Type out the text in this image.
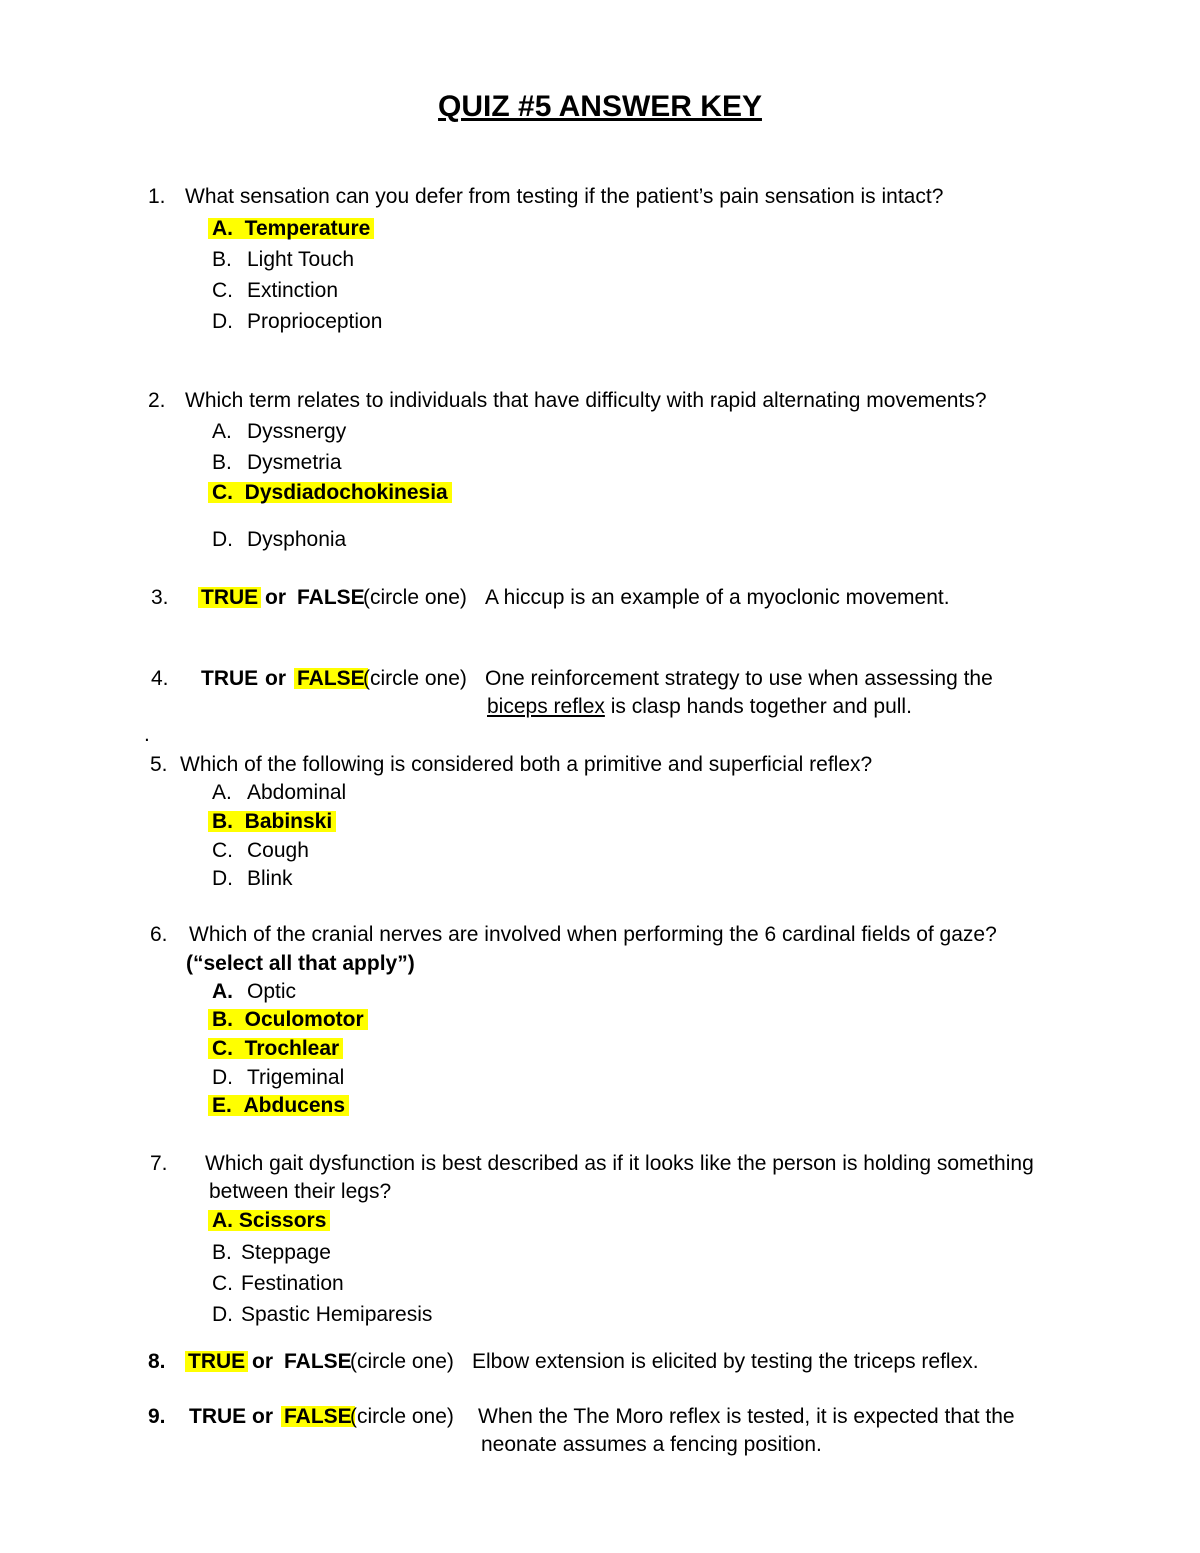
QUIZ #5 ANSWER KEY
1. What sensation can you defer from testing if the patient’s pain sensation is intact?
A. Temperature
B. Light Touch
C. Extinction
D. Proprioception
2. Which term relates to individuals that have difficulty with rapid alternating movements?
A. Dyssnergy
B. Dysmetria
C. Dysdiadochokinesia
D. Dysphonia
3. TRUE or FALSE
(circle one) A hiccup is an example of a myoclonic movement.
4. TRUE or FALSE
(circle one) One reinforcement strategy to use when assessing the
biceps reflex is clasp hands together and pull.
.
5. Which of the following is considered both a primitive and superficial reflex?
A. Abdominal
B. Babinski
C. Cough
D. Blink
6. Which of the cranial nerves are involved when performing the 6 cardinal fields of gaze?
(“select all that apply”)
A. Optic
B. Oculomotor
C. Trochlear
D. Trigeminal
E. Abducens
7. Which gait dysfunction is best described as if it looks like the person is holding something
between their legs?
A. Scissors
B. Steppage
C. Festination
D. Spastic Hemiparesis
8. TRUE or FALSE
(circle one) Elbow extension is elicited by testing the triceps reflex.
9. TRUE or FALSE
(circle one) When the The Moro reflex is tested, it is expected that the
neonate assumes a fencing position.
